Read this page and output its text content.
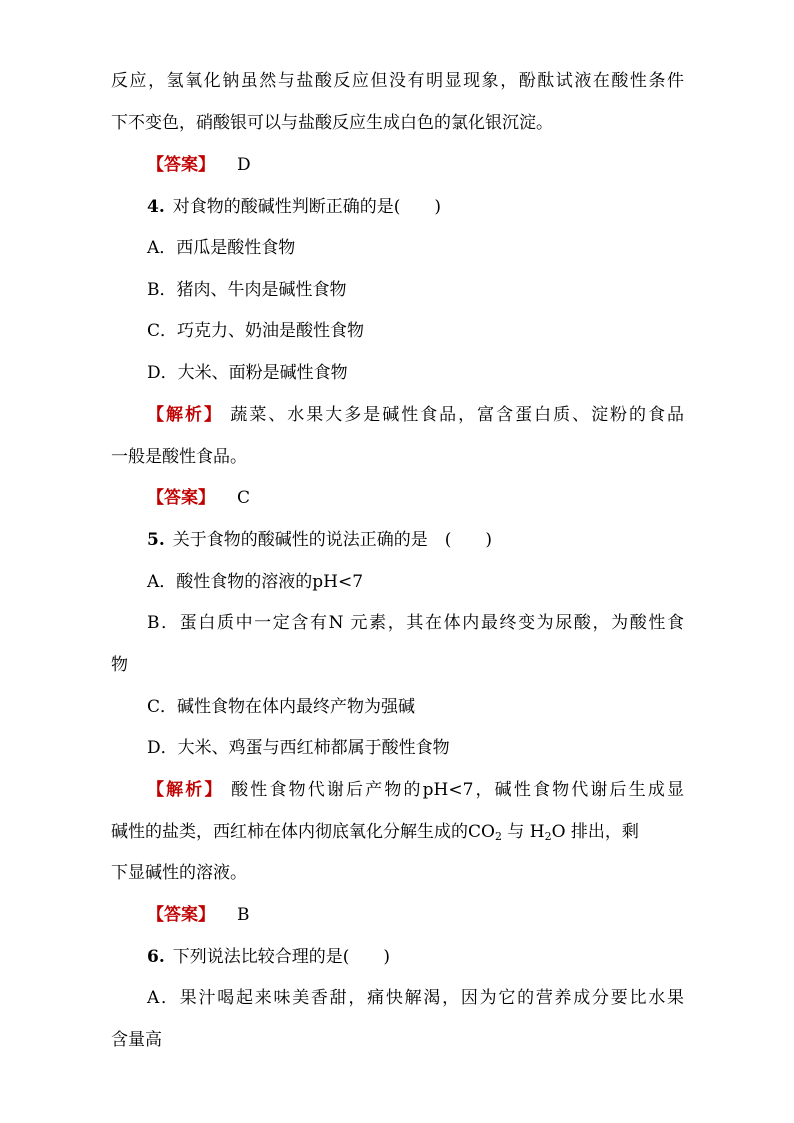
反应，氢氧化钠虽然与盐酸反应但没有明显现象，酚酞试液在酸性条件
下不变色，硝酸银可以与盐酸反应生成白色的氯化银沉淀。
【答案】 D
4. 对食物的酸碱性判断正确的是(　　)
A．西瓜是酸性食物
B．猪肉、牛肉是碱性食物
C．巧克力、奶油是酸性食物
D．大米、面粉是碱性食物
【解析】 蔬菜、水果大多是碱性食品，富含蛋白质、淀粉的食品
一般是酸性食品。
【答案】 C
5. 关于食物的酸碱性的说法正确的是　(　　)
A．酸性食物的溶液的pH<7
B．蛋白质中一定含有N 元素，其在体内最终变为尿酸，为酸性食
物
C．碱性食物在体内最终产物为强碱
D．大米、鸡蛋与西红柿都属于酸性食物
【解析】 酸性食物代谢后产物的pH<7，碱性食物代谢后生成显
碱性的盐类，西红柿在体内彻底氧化分解生成的$CO_2$ 与 $H_2O$ 排出，剩
下显碱性的溶液。
【答案】 B
6. 下列说法比较合理的是(　　)
A．果汁喝起来味美香甜，痛快解渴，因为它的营养成分要比水果
含量高
